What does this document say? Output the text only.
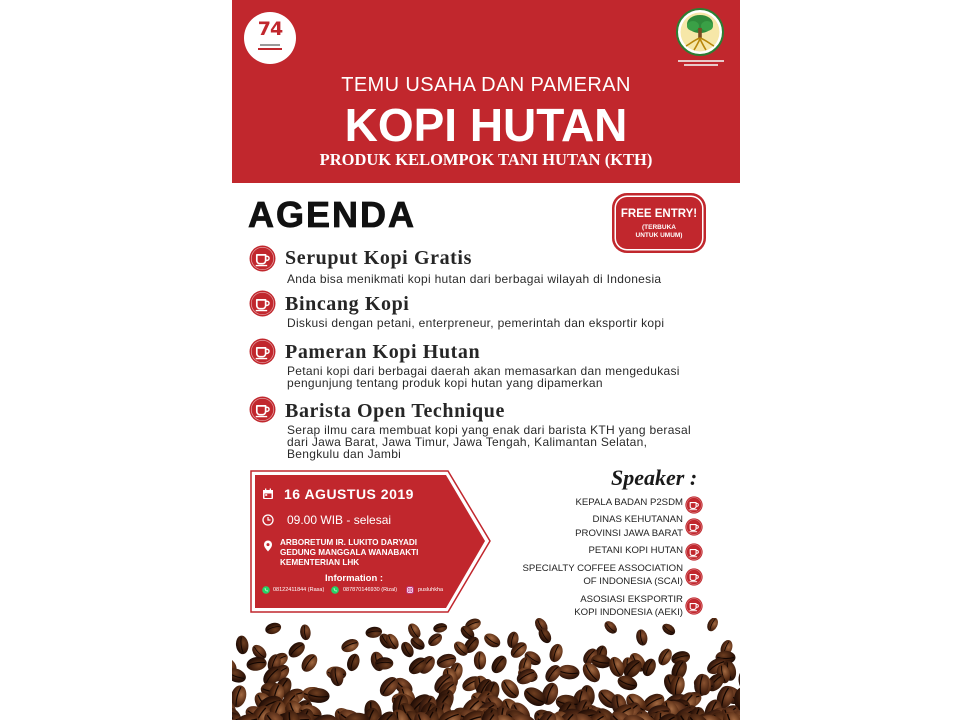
74
TEMU USAHA DAN PAMERAN
KOPI HUTAN
PRODUK KELOMPOK TANI HUTAN (KTH)
AGENDA	FREE ENTRY!
(TERBUKA
UNTUK UMUM)
Seruput Kopi Gratis
Anda bisa menikmati kopi hutan dari berbagai wilayah di Indonesia
Bincang Kopi
Diskusi dengan petani, enterpreneur, pemerintah dan eksportir kopi
Pameran Kopi Hutan
Petani kopi dari berbagai daerah akan memasarkan dan mengedukasi
pengunjung tentang produk kopi hutan yang dipamerkan
Barista Open Technique
Serap ilmu cara membuat kopi yang enak dari barista KTH yang berasal
dari Jawa Barat, Jawa Timur, Jawa Tengah, Kalimantan Selatan,
Bengkulu dan Jambi
16 AGUSTUS 2019
09.00 WIB - selesai
ARBORETUM IR. LUKITO DARYADI
GEDUNG MANGGALA WANABAKTI
KEMENTERIAN LHK
Information :
08122411844 (Rasa)	087870146930 (Rizal)	pusluhkha
Speaker :
KEPALA BADAN P2SDM
DINAS KEHUTANAN
PROVINSI JAWA BARAT
PETANI KOPI HUTAN
SPECIALTY COFFEE ASSOCIATION
OF INDONESIA (SCAI)
ASOSIASI EKSPORTIR
KOPI INDONESIA (AEKI)
